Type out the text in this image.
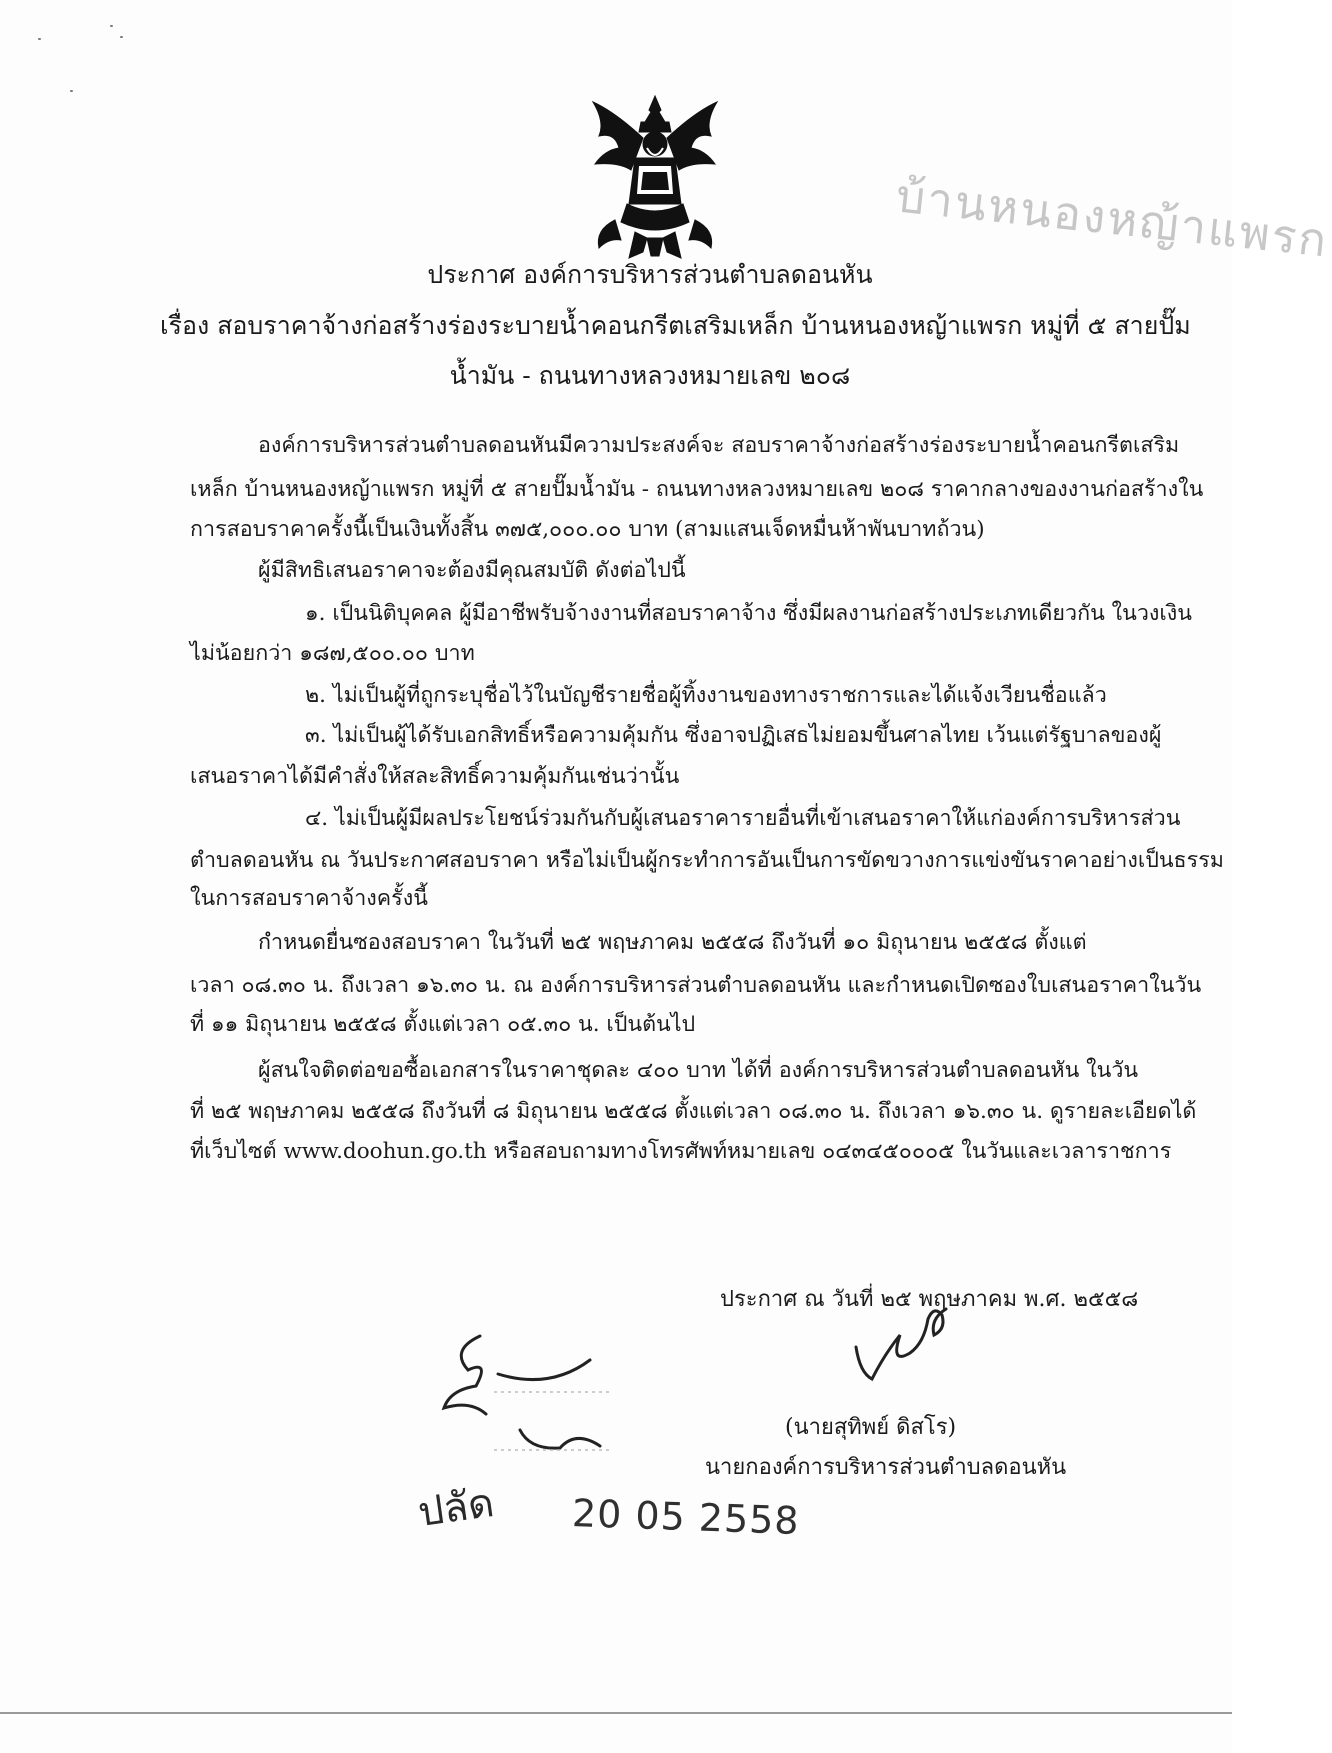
บ้านหนองหญ้าแพรก
ประกาศ องค์การบริหารส่วนตำบลดอนหัน
เรื่อง สอบราคาจ้างก่อสร้างร่องระบายน้ำคอนกรีตเสริมเหล็ก บ้านหนองหญ้าแพรก หมู่ที่ ๕ สายปั๊ม
น้ำมัน - ถนนทางหลวงหมายเลข ๒๐๘
องค์การบริหารส่วนตำบลดอนหันมีความประสงค์จะ สอบราคาจ้างก่อสร้างร่องระบายน้ำคอนกรีตเสริม
เหล็ก บ้านหนองหญ้าแพรก หมู่ที่ ๕ สายปั๊มน้ำมัน - ถนนทางหลวงหมายเลข ๒๐๘ ราคากลางของงานก่อสร้างใน
การสอบราคาครั้งนี้เป็นเงินทั้งสิ้น ๓๗๕,๐๐๐.๐๐ บาท (สามแสนเจ็ดหมื่นห้าพันบาทถ้วน)
ผู้มีสิทธิเสนอราคาจะต้องมีคุณสมบัติ ดังต่อไปนี้
๑. เป็นนิติบุคคล ผู้มีอาชีพรับจ้างงานที่สอบราคาจ้าง ซึ่งมีผลงานก่อสร้างประเภทเดียวกัน ในวงเงิน
ไม่น้อยกว่า ๑๘๗,๕๐๐.๐๐ บาท
๒. ไม่เป็นผู้ที่ถูกระบุชื่อไว้ในบัญชีรายชื่อผู้ทิ้งงานของทางราชการและได้แจ้งเวียนชื่อแล้ว
๓. ไม่เป็นผู้ได้รับเอกสิทธิ์หรือความคุ้มกัน ซึ่งอาจปฏิเสธไม่ยอมขึ้นศาลไทย เว้นแต่รัฐบาลของผู้
เสนอราคาได้มีคำสั่งให้สละสิทธิ์ความคุ้มกันเช่นว่านั้น
๔. ไม่เป็นผู้มีผลประโยชน์ร่วมกันกับผู้เสนอราคารายอื่นที่เข้าเสนอราคาให้แก่องค์การบริหารส่วน
ตำบลดอนหัน ณ วันประกาศสอบราคา หรือไม่เป็นผู้กระทำการอันเป็นการขัดขวางการแข่งขันราคาอย่างเป็นธรรม
ในการสอบราคาจ้างครั้งนี้
กำหนดยื่นซองสอบราคา ในวันที่ ๒๕ พฤษภาคม ๒๕๕๘ ถึงวันที่ ๑๐ มิถุนายน ๒๕๕๘ ตั้งแต่
เวลา ๐๘.๓๐ น. ถึงเวลา ๑๖.๓๐ น. ณ องค์การบริหารส่วนตำบลดอนหัน และกำหนดเปิดซองใบเสนอราคาในวัน
ที่ ๑๑ มิถุนายน ๒๕๕๘ ตั้งแต่เวลา ๐๕.๓๐ น. เป็นต้นไป
ผู้สนใจติดต่อขอซื้อเอกสารในราคาชุดละ ๔๐๐ บาท ได้ที่ องค์การบริหารส่วนตำบลดอนหัน ในวัน
ที่ ๒๕ พฤษภาคม ๒๕๕๘ ถึงวันที่ ๘ มิถุนายน ๒๕๕๘ ตั้งแต่เวลา ๐๘.๓๐ น. ถึงเวลา ๑๖.๓๐ น. ดูรายละเอียดได้
ที่เว็บไซต์ www.doohun.go.th หรือสอบถามทางโทรศัพท์หมายเลข ๐๔๓๔๕๐๐๐๕ ในวันและเวลาราชการ
ประกาศ ณ วันที่ ๒๕ พฤษภาคม พ.ศ. ๒๕๕๘
(นายสุทิพย์ ดิสโร)
นายกองค์การบริหารส่วนตำบลดอนหัน
ปลัด 20 05 2558
